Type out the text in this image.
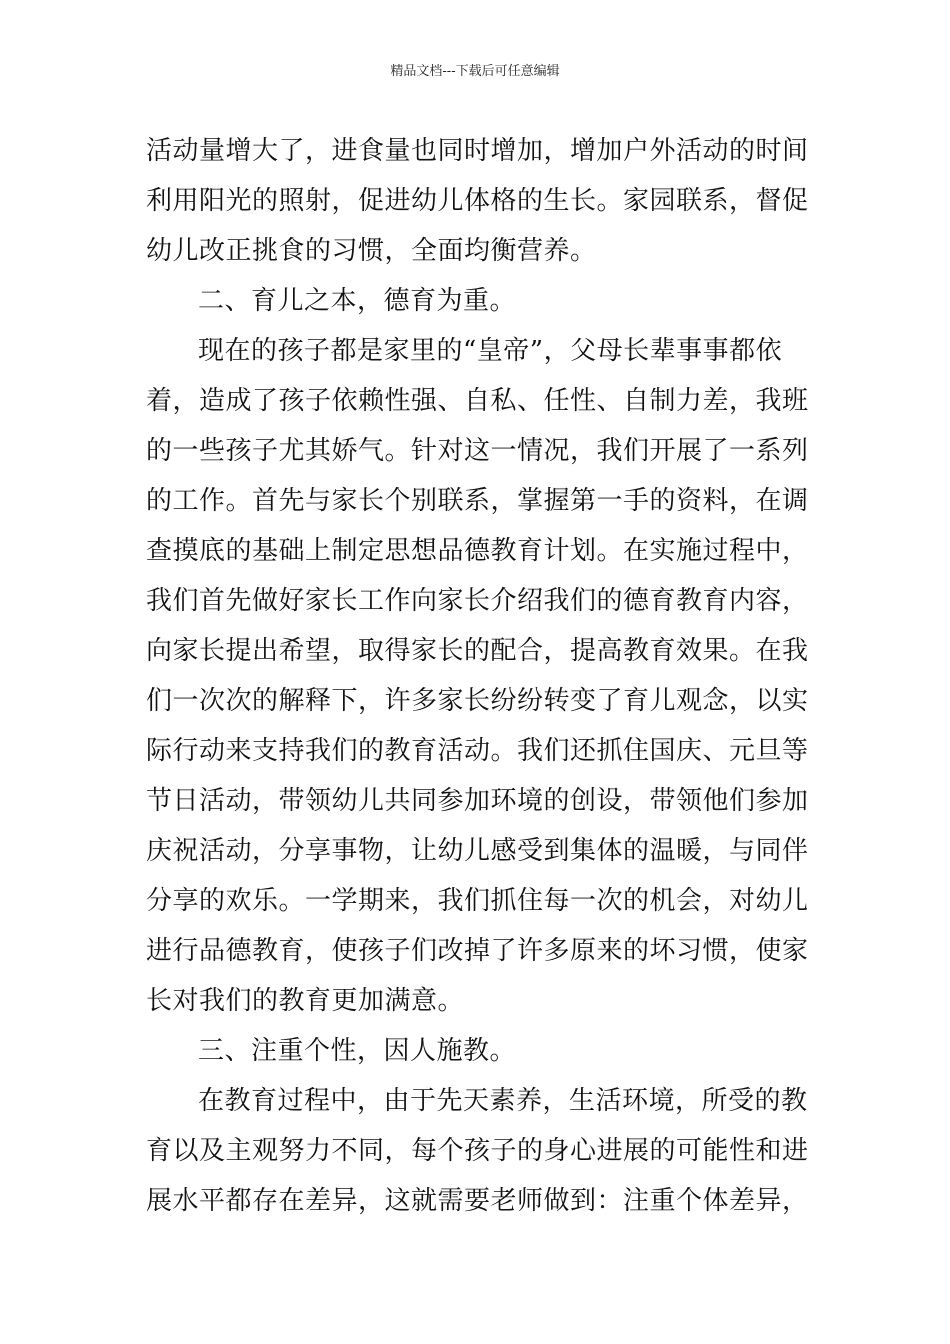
精品文档---下载后可任意编辑
活动量增大了，进食量也同时增加，增加户外活动的时间
利用阳光的照射，促进幼儿体格的生长。家园联系，督促
幼儿改正挑食的习惯，全面均衡营养。
二、育儿之本，德育为重。
现在的孩子都是家里的“皇帝”，父母长辈事事都依
着，造成了孩子依赖性强、自私、任性、自制力差，我班
的一些孩子尤其娇气。针对这一情况，我们开展了一系列
的工作。首先与家长个别联系，掌握第一手的资料，在调
查摸底的基础上制定思想品德教育计划。在实施过程中，
我们首先做好家长工作向家长介绍我们的德育教育内容，
向家长提出希望，取得家长的配合，提高教育效果。在我
们一次次的解释下，许多家长纷纷转变了育儿观念，以实
际行动来支持我们的教育活动。我们还抓住国庆、元旦等
节日活动，带领幼儿共同参加环境的创设，带领他们参加
庆祝活动，分享事物，让幼儿感受到集体的温暖，与同伴
分享的欢乐。一学期来，我们抓住每一次的机会，对幼儿
进行品德教育，使孩子们改掉了许多原来的坏习惯，使家
长对我们的教育更加满意。
三、注重个性，因人施教。
在教育过程中，由于先天素养，生活环境，所受的教
育以及主观努力不同，每个孩子的身心进展的可能性和进
展水平都存在差异，这就需要老师做到：注重个体差异，
